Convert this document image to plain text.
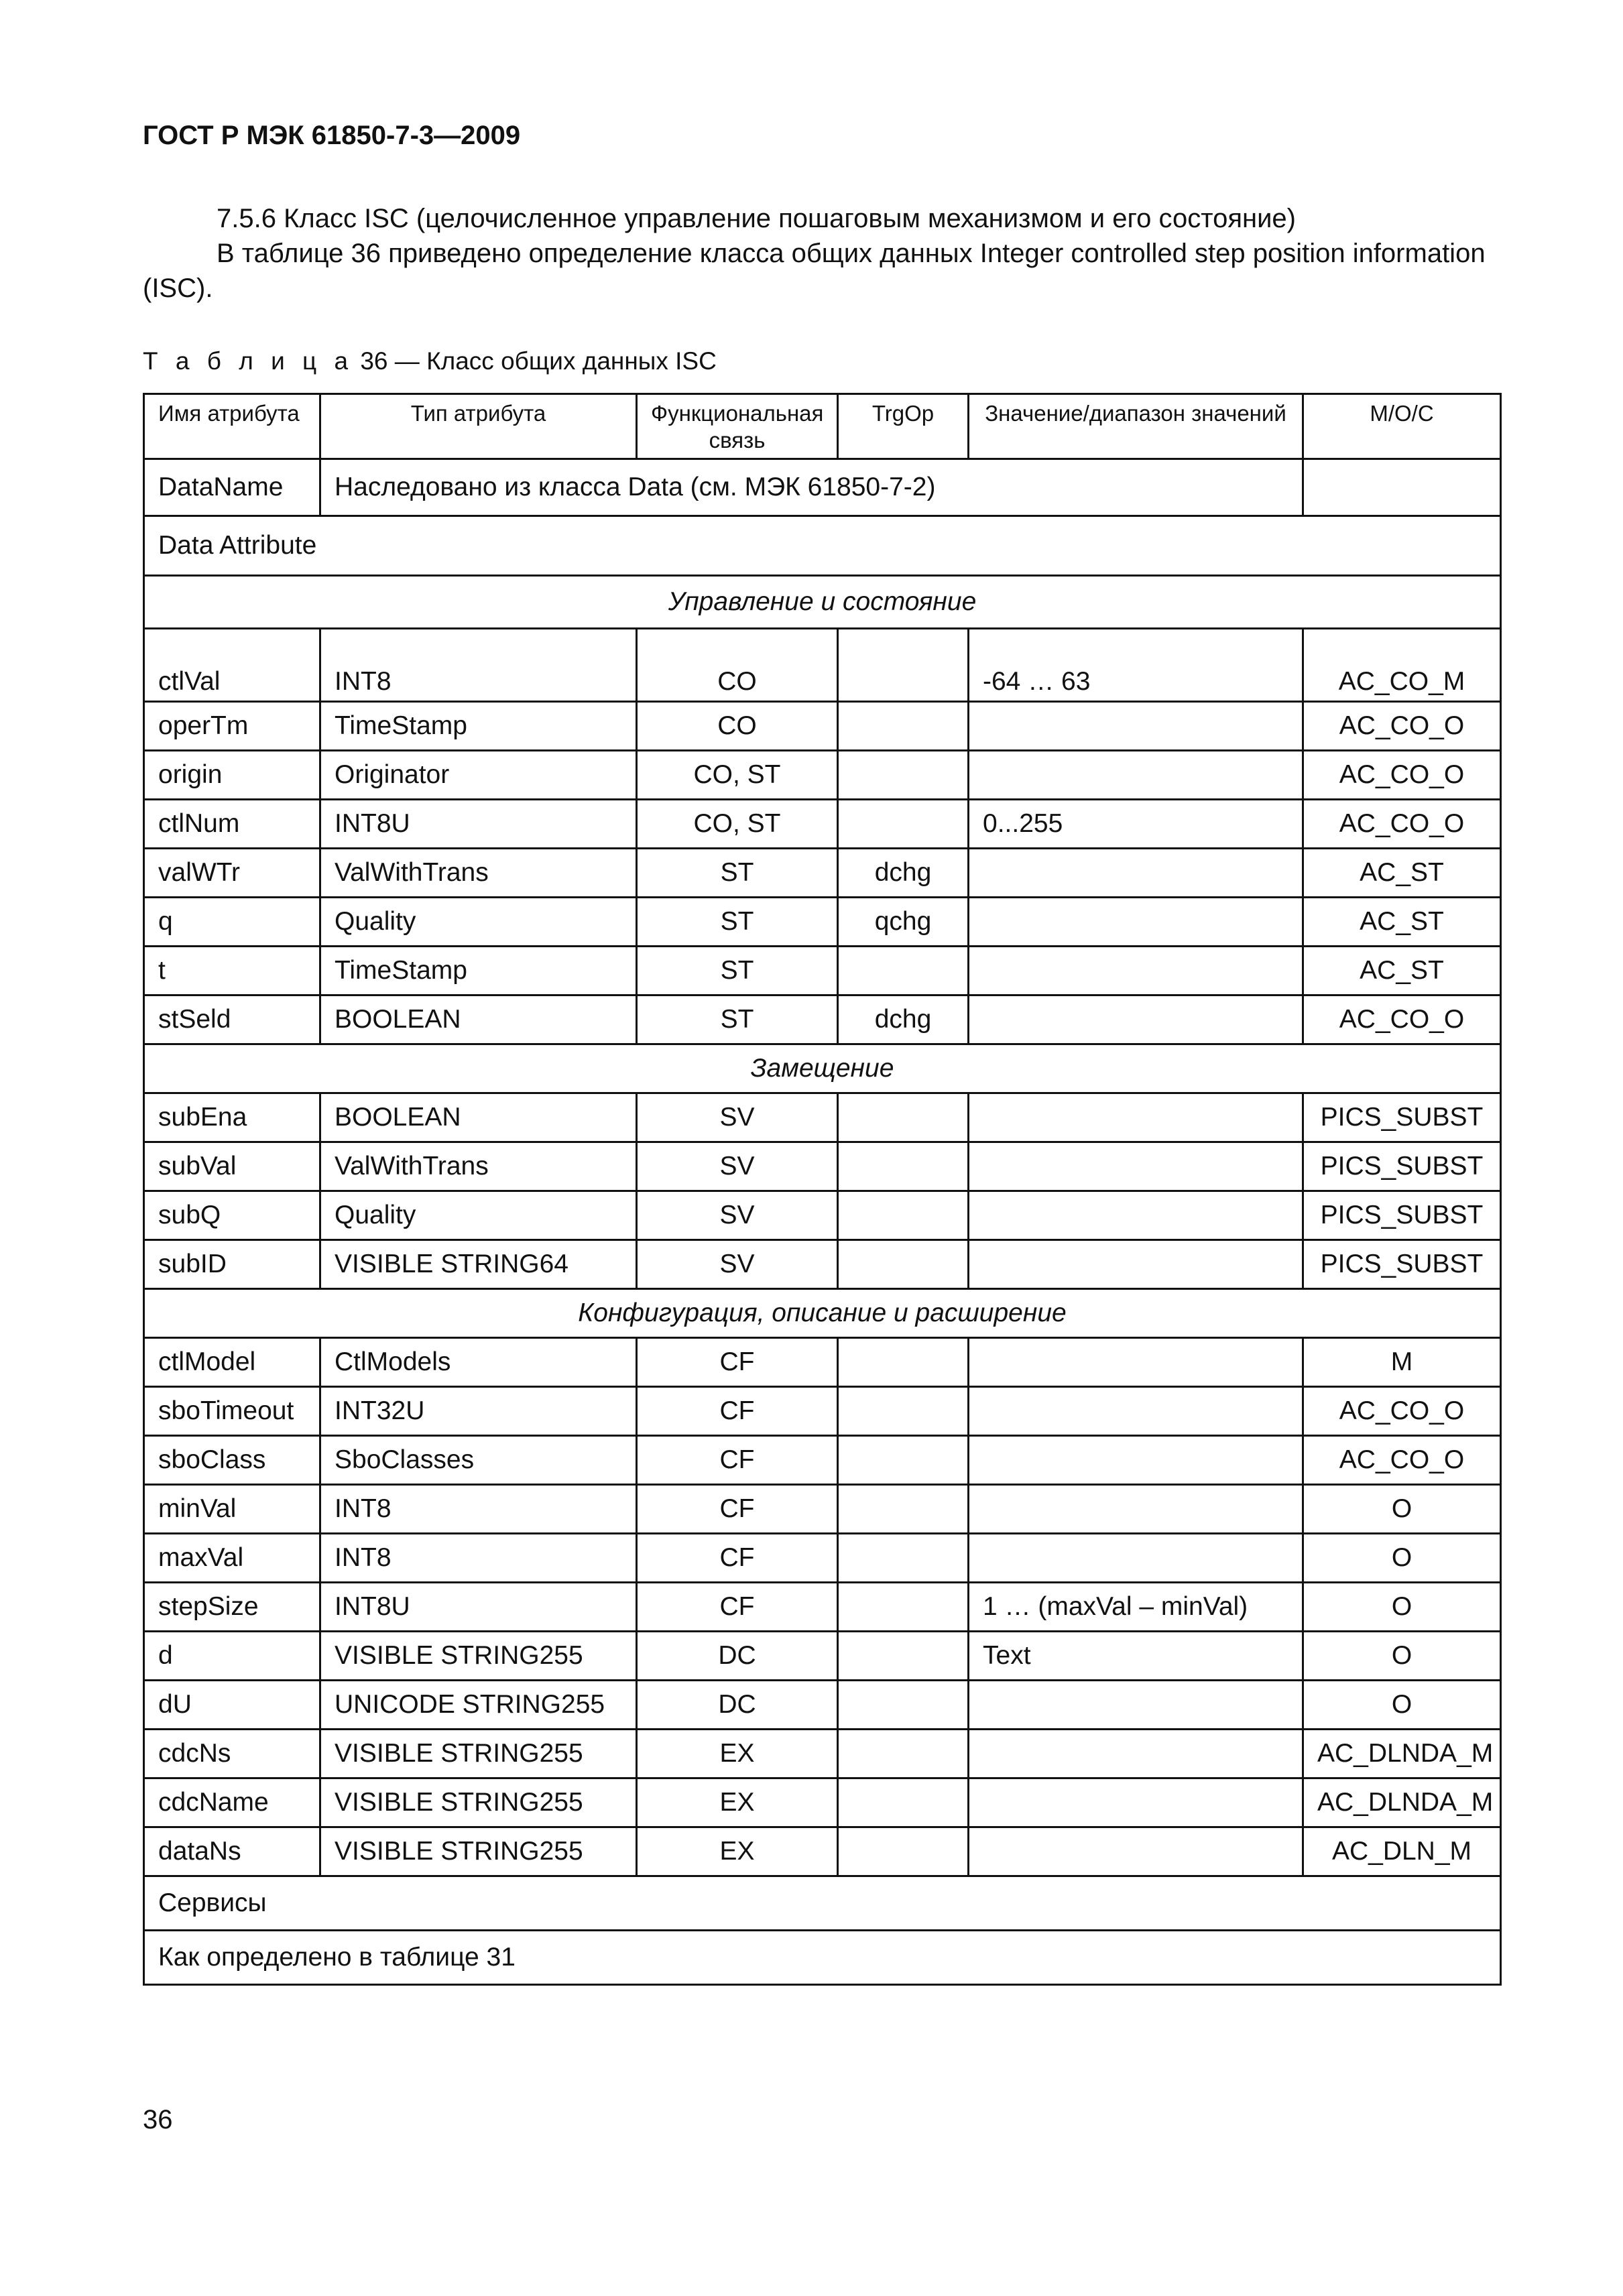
ГОСТ Р МЭК 61850-7-3—2009
7.5.6 Класс ISC (целочисленное управление пошаговым механизмом и его состояние)
В таблице 36 приведено определение класса общих данных Integer controlled step position information (ISC).
Т а б л и ц а 36 — Класс общих данных ISC
Имя атрибута	Тип атрибута	Функциональная связь	TrgOp	Значение/диапазон значений	M/O/C
DataName	Наследовано из класса Data (см. МЭК 61850-7-2)				
Data Attribute					
Управление и состояние					
ctlVal	INT8	CO		-64 … 63	AC_CO_M
operTm	TimeStamp	CO			AC_CO_O
origin	Originator	CO, ST			AC_CO_O
ctlNum	INT8U	CO, ST		0...255	AC_CO_O
valWTr	ValWithTrans	ST	dchg		AC_ST
q	Quality	ST	qchg		AC_ST
t	TimeStamp	ST			AC_ST
stSeld	BOOLEAN	ST	dchg		AC_CO_O
Замещение					
subEna	BOOLEAN	SV			PICS_SUBST
subVal	ValWithTrans	SV			PICS_SUBST
subQ	Quality	SV			PICS_SUBST
subID	VISIBLE STRING64	SV			PICS_SUBST
Конфигурация, описание и расширение					
ctlModel	CtlModels	CF			M
sboTimeout	INT32U	CF			AC_CO_O
sboClass	SboClasses	CF			AC_CO_O
minVal	INT8	CF			O
maxVal	INT8	CF			O
stepSize	INT8U	CF		1 … (maxVal – minVal)	O
d	VISIBLE STRING255	DC		Text	O
dU	UNICODE STRING255	DC			O
cdcNs	VISIBLE STRING255	EX			AC_DLNDA_M
cdcName	VISIBLE STRING255	EX			AC_DLNDA_M
dataNs	VISIBLE STRING255	EX			AC_DLN_M
Сервисы					
Как определено в таблице 31					
36
